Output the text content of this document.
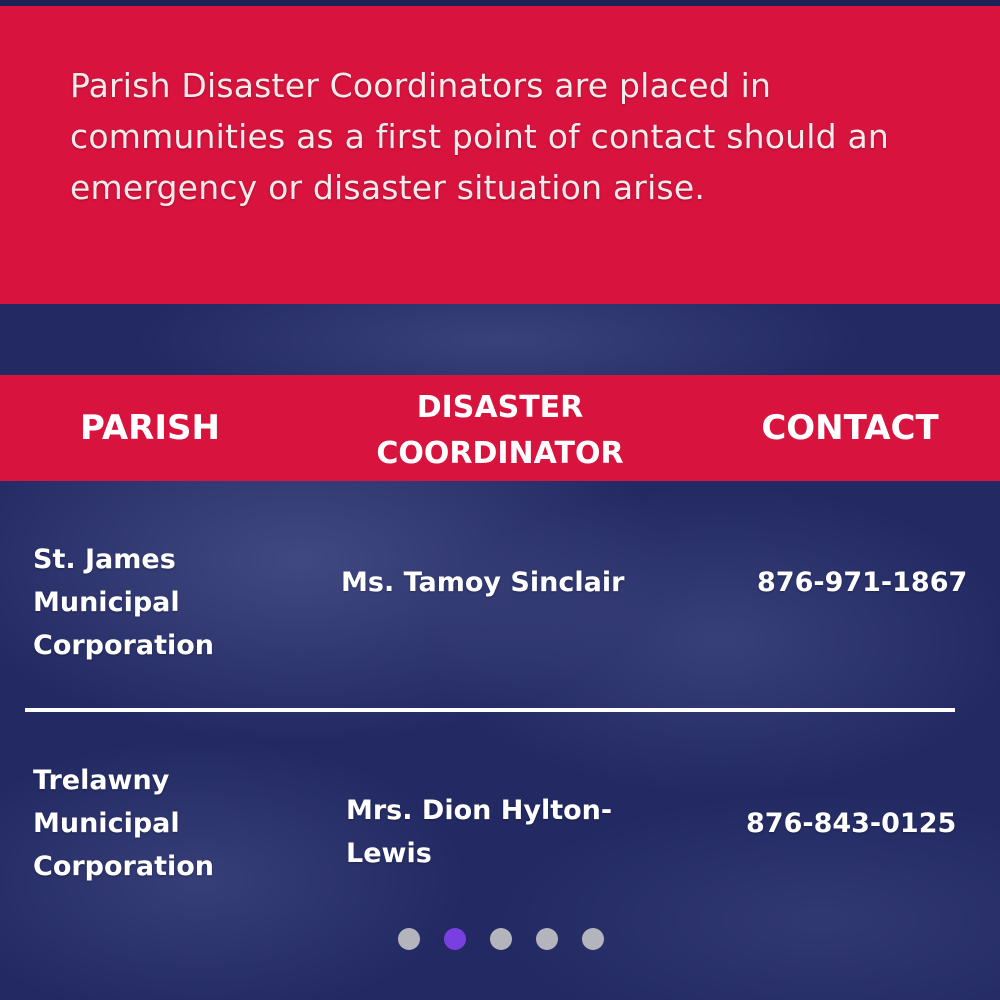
Parish Disaster Coordinators are placed in communities as a first point of contact should an emergency or disaster situation arise.

PARISH
DISASTER COORDINATOR
CONTACT
St. James Municipal Corporation
Ms. Tamoy Sinclair	876-971-1867
Trelawny Municipal Corporation
Mrs. Dion Hylton-Lewis
876-843-0125
